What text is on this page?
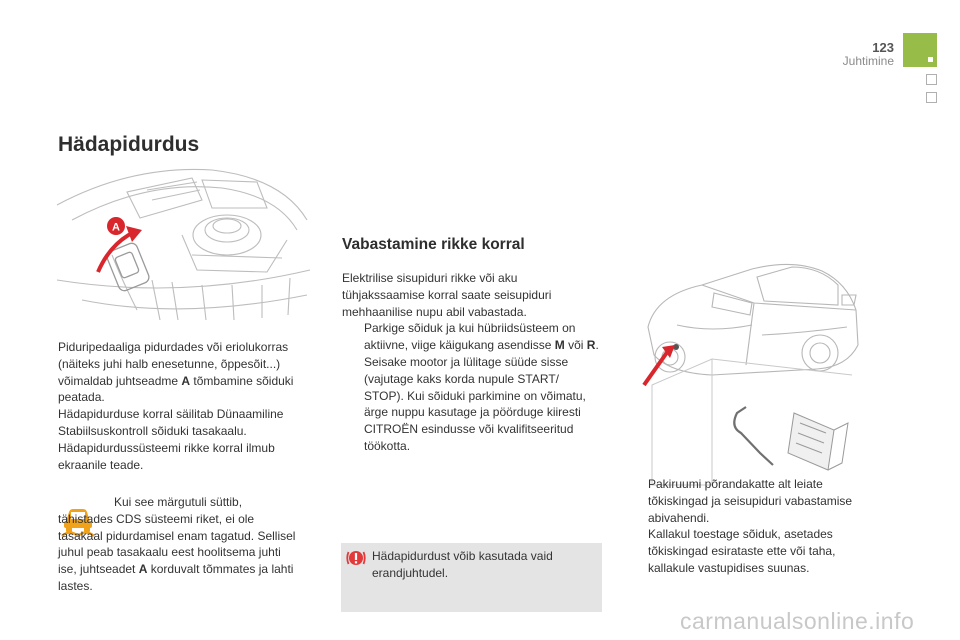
123
Juhtimine
Hädapidurdus
A

Piduripedaaliga pidurdades või eriolukorras (näiteks juhi halb enesetunne, õppesõit...) võimaldab juhtseadme A tõmbamine sõiduki peatada.

Hädapidurduse korral säilitab Dünaamiline Stabiilsuskontroll sõiduki tasakaalu.

Hädapidurdussüsteemi rikke korral ilmub ekraanile teade.

Kui see märgutuli süttib, tähistades CDS süsteemi riket, ei ole tasakaal pidurdamisel enam tagatud. Sellisel juhul peab tasakaalu eest hoolitsema juhti ise, juhtseadet A korduvalt tõmmates ja lahti lastes.
Vabastamine rikke korral

Elektrilise sisupiduri rikke või aku tühjakssaamise korral saate seisupiduri mehhaanilise nupu abil vabastada.

Parkige sõiduk ja kui hübriidsüsteem on aktiivne, viige käigukang asendisse M või R.
Seisake mootor ja lülitage süüde sisse (vajutage kaks korda nupule START/ STOP). Kui sõiduki parkimine on võimatu, ärge nuppu kasutage ja pöörduge kiiresti CITROËN esindusse või kvalifitseeritud töökotta.
Hädapidurdust võib kasutada vaid erandjuhtudel.
Pakiruumi põrandakatte alt leiate tõkiskingad ja seisupiduri vabastamise abivahendi.
Kallakul toestage sõiduk, asetades tõkiskingad esirataste ette või taha, kallakule vastupidises suunas.
carmanualsonline.info
